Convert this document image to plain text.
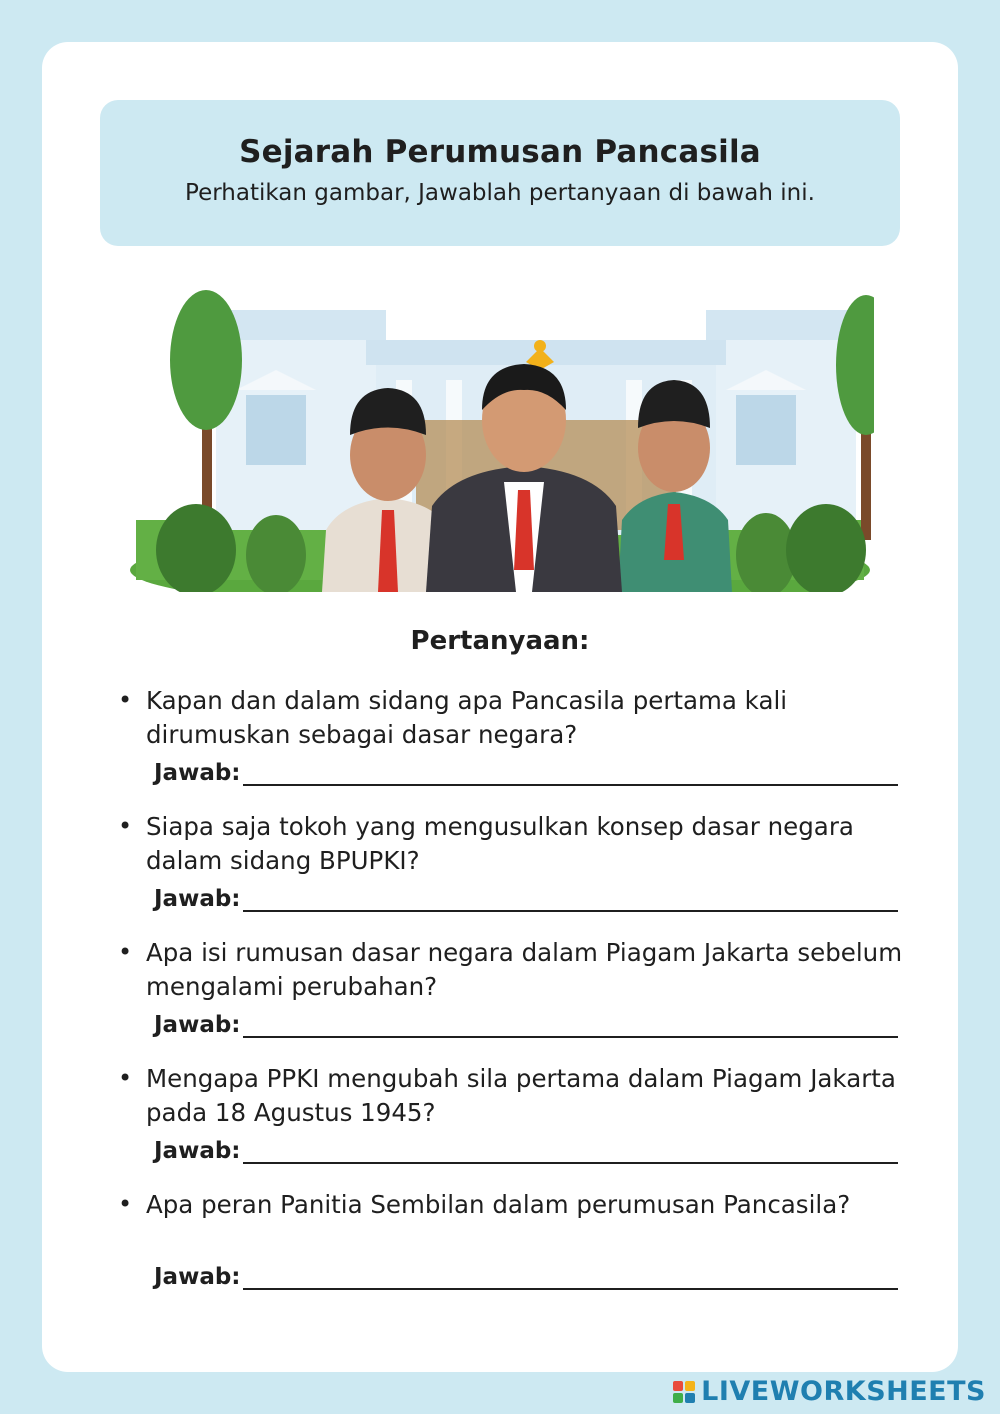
Sejarah Perumusan Pancasila
Perhatikan gambar, Jawablah pertanyaan di bawah ini.
Pertanyaan:
• Kapan dan dalam sidang apa Pancasila pertama kali dirumuskan sebagai dasar negara?
Jawab:
• Siapa saja tokoh yang mengusulkan konsep dasar negara dalam sidang BPUPKI?
Jawab:
• Apa isi rumusan dasar negara dalam Piagam Jakarta sebelum mengalami perubahan?
Jawab:
• Mengapa PPKI mengubah sila pertama dalam Piagam Jakarta pada 18 Agustus 1945?
Jawab:
• Apa peran Panitia Sembilan dalam perumusan Pancasila?
Jawab:
LIVEWORKSHEETS
